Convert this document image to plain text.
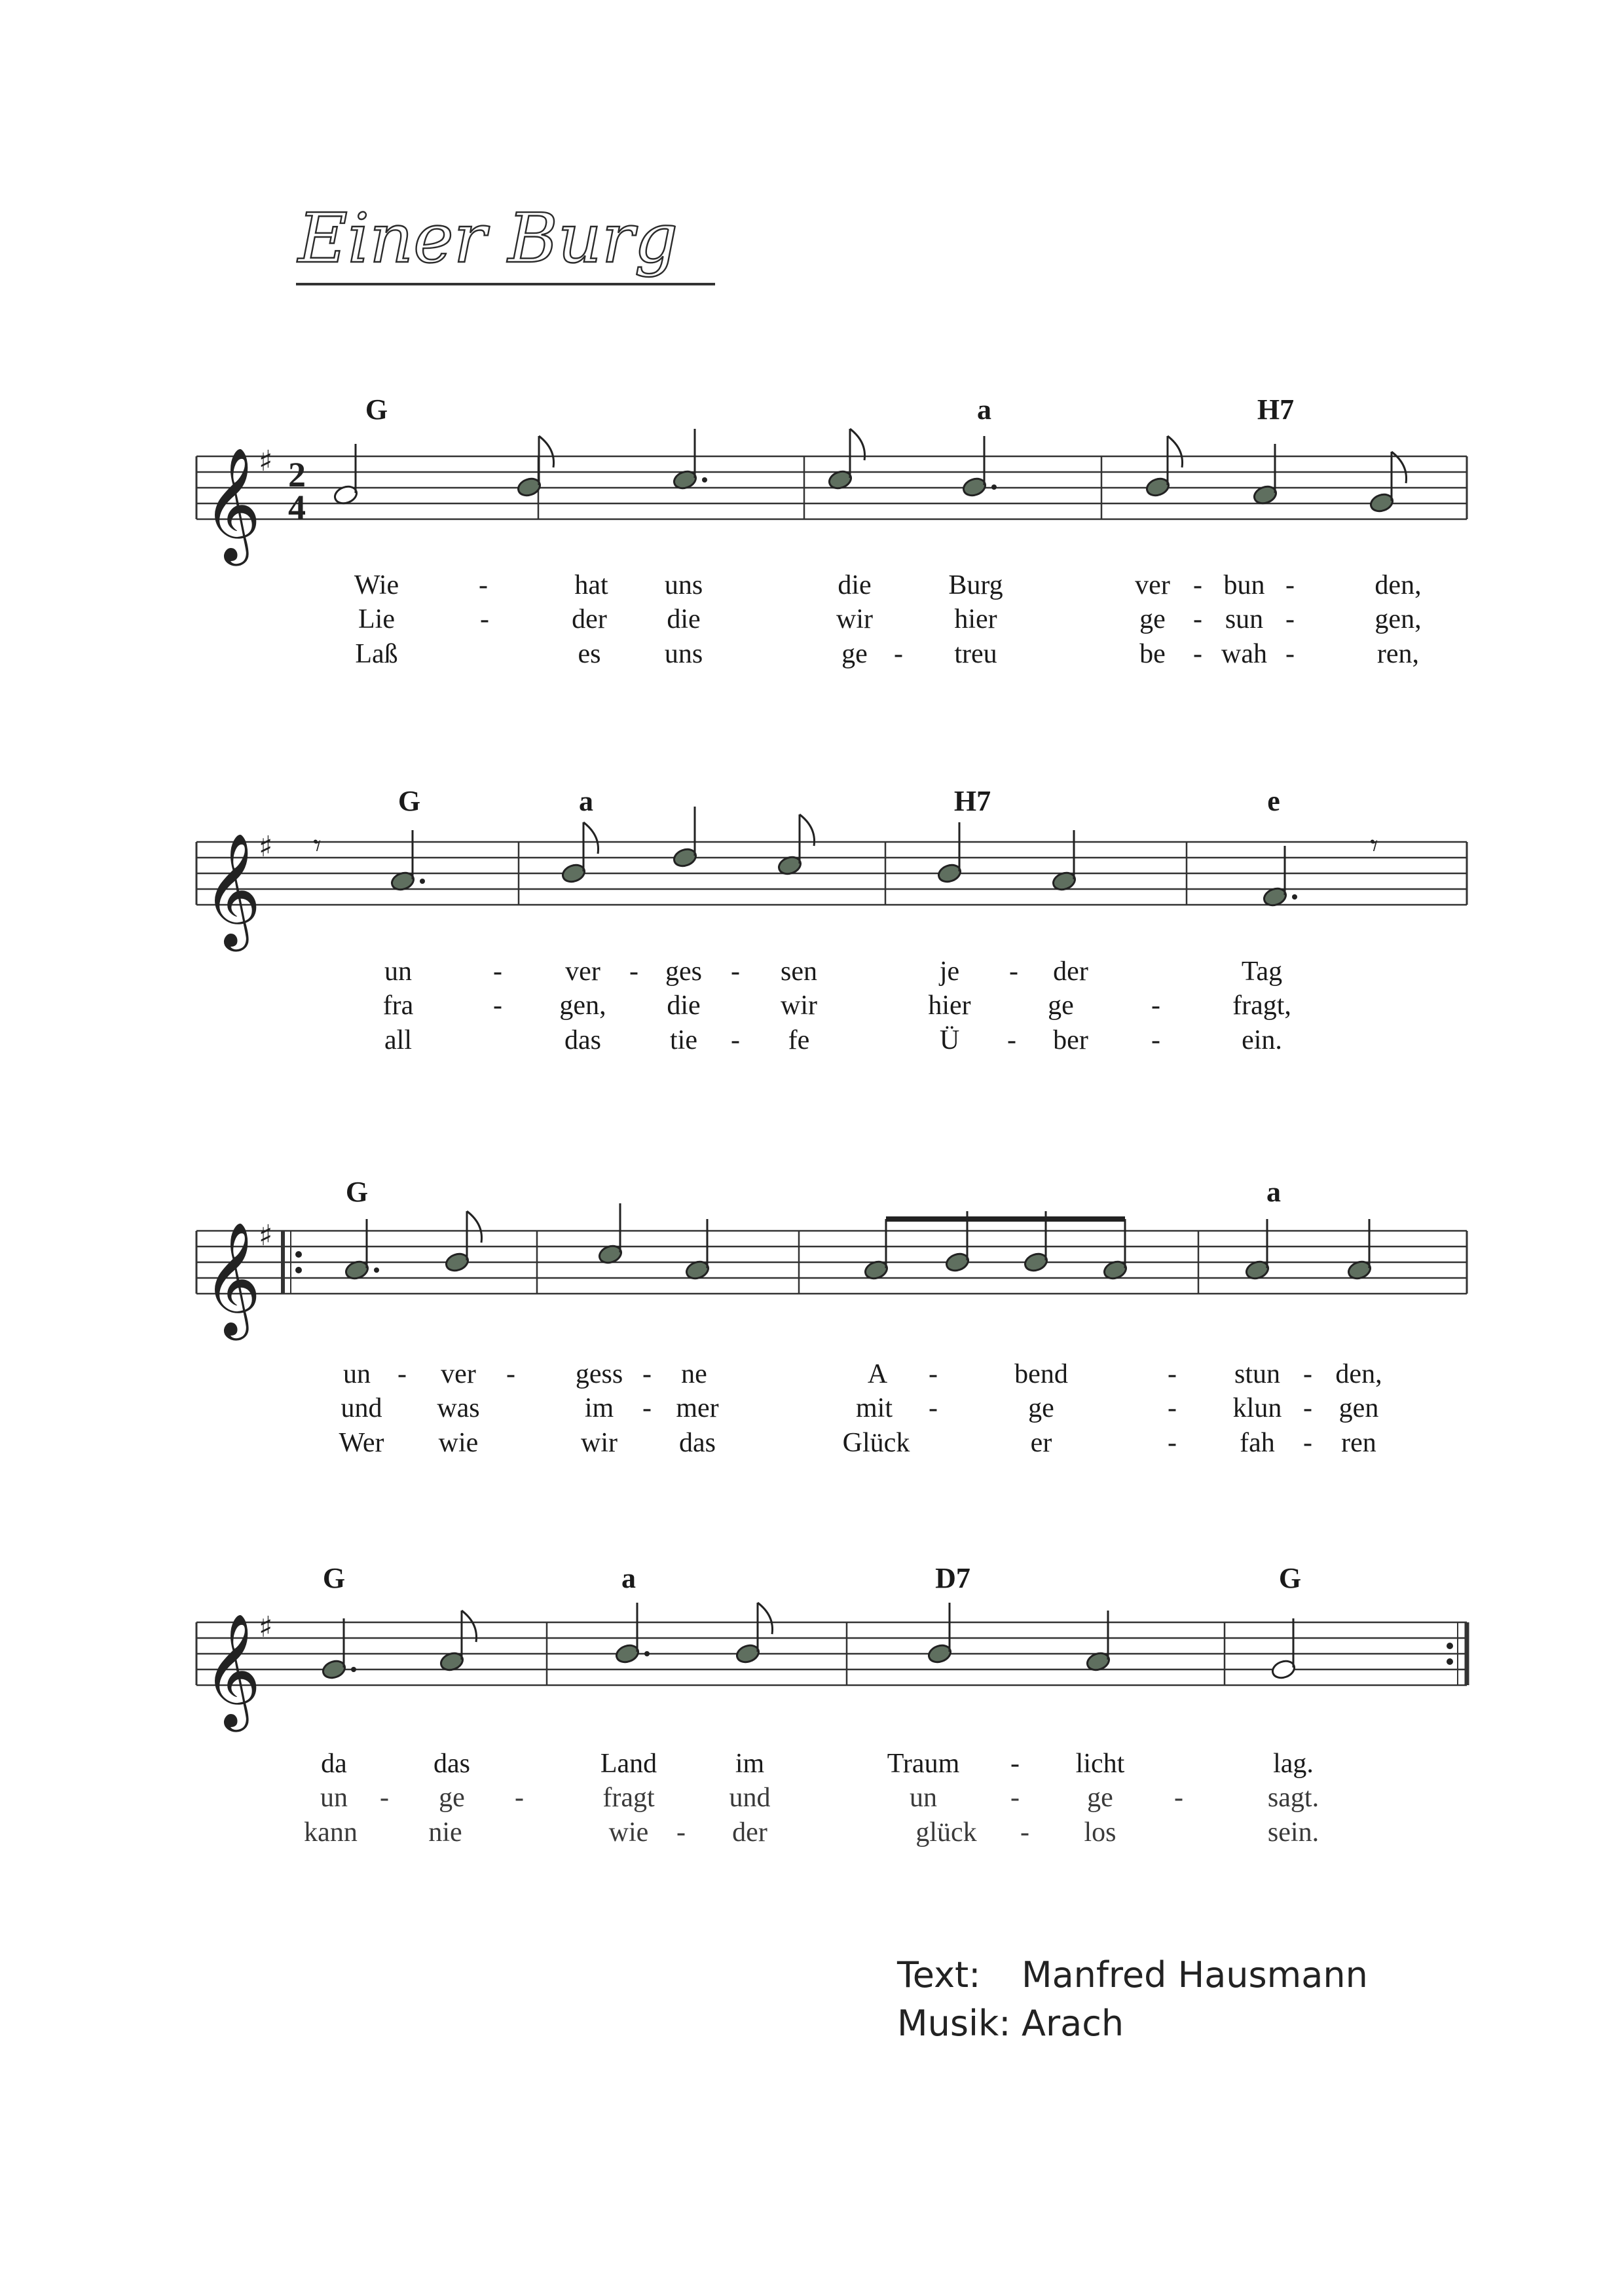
Einer Burg
𝄞
♯ 2
4
𝄞
♯ 𝄾	𝄾
𝄞
♯
𝄞
♯
G	a	H7
G	a	H7	e
G	a
G	a	D7	G
Wie	-	hat uns	die	Burg	ver - bun -	den,
Lie	-	der die	wir	hier	ge - sun -	gen,
Laß	es uns	ge - treu	be - wah -	ren,
un	- ver - ges - sen	je - der	Tag
fra	- gen, die	wir	hier	ge	-	fragt,
all	das	tie - fe	Ü - ber -	ein.
un - ver - gess - ne	A -	bend	- stun - den,
und was	im - mer	mit -	ge	- klun - gen
Wer wie	wir das	Glück	er	- fah - ren
da	das	Land	im	Traum - licht	lag.
un - ge -	fragt	und	un	- ge -	sagt.
kann	nie	wie - der	glück - los	sein.
Text: Manfred Hausmann
Musik: Arach
